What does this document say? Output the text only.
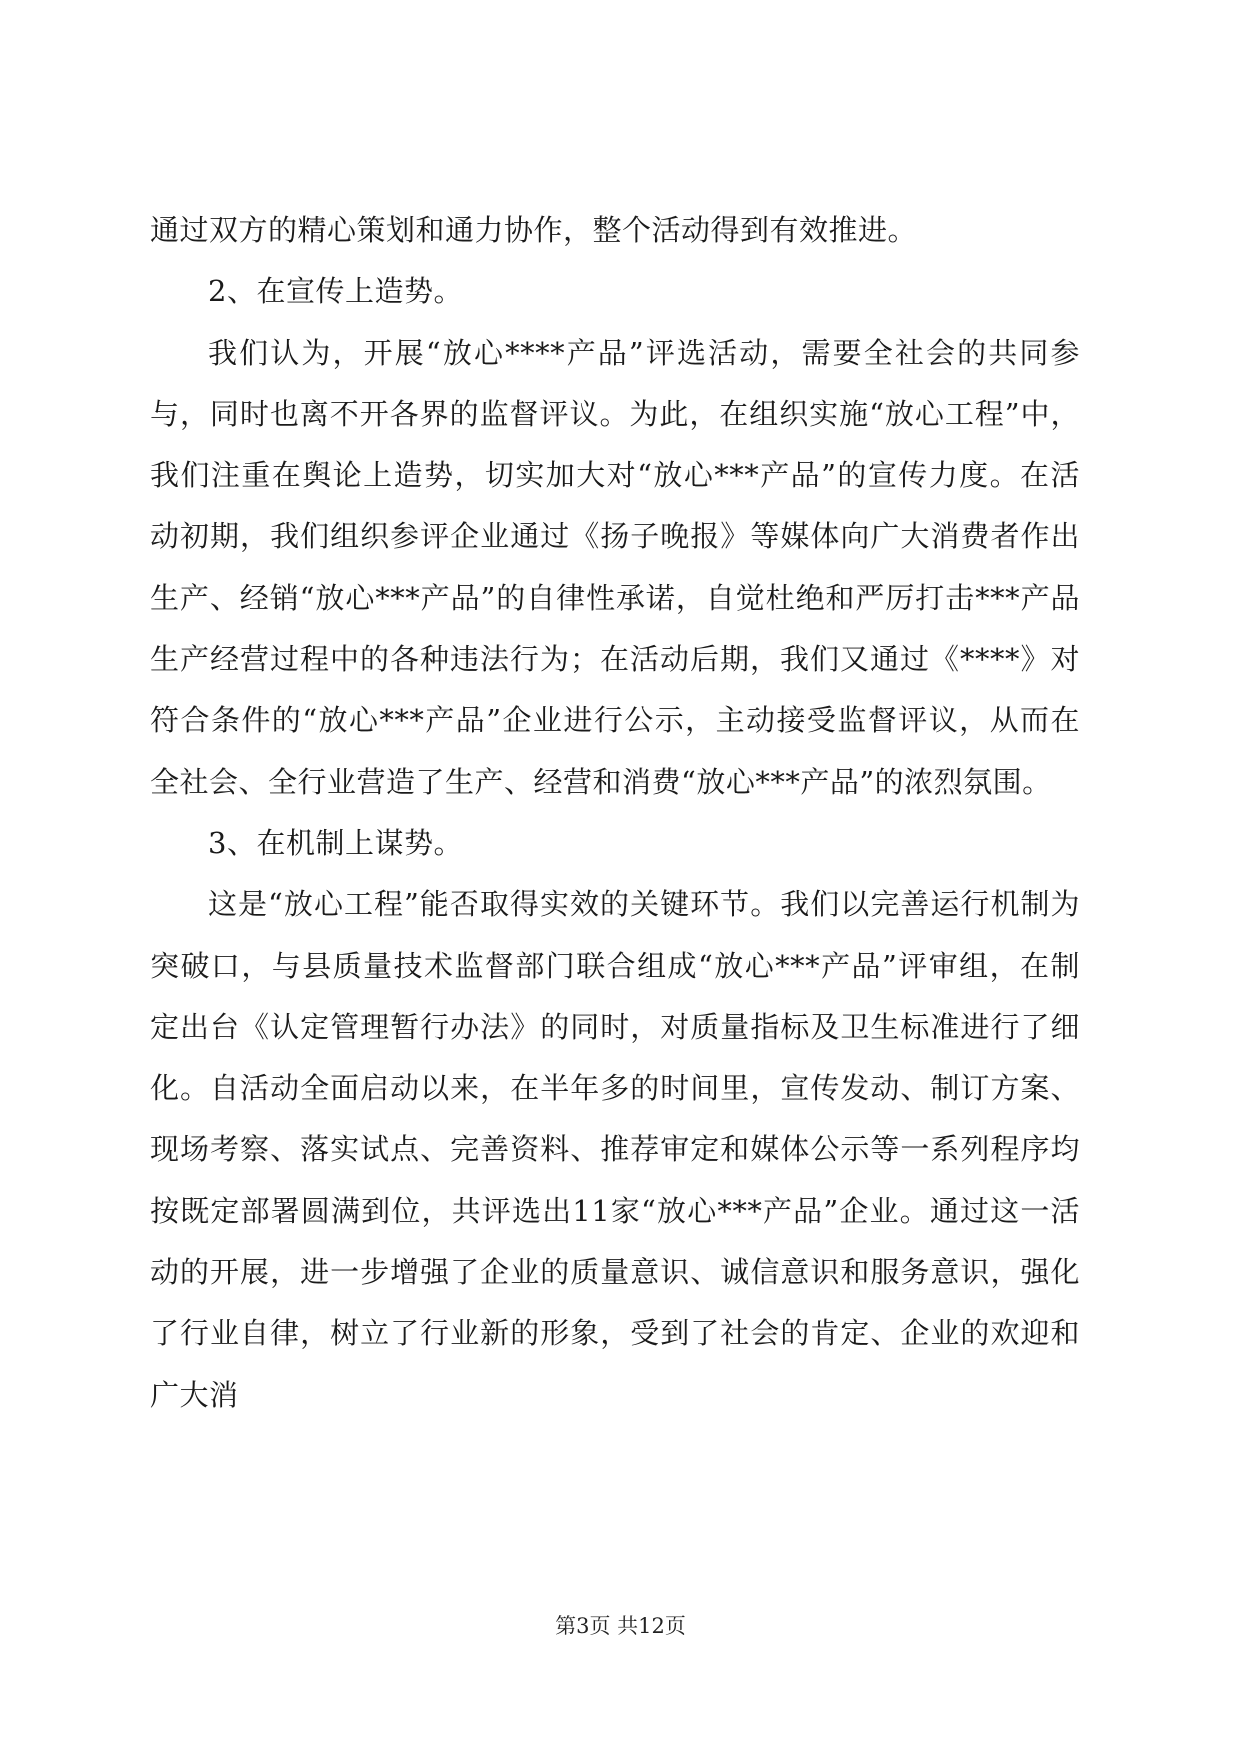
通过双方的精心策划和通力协作，整个活动得到有效推进。

2、在宣传上造势。

我们认为，开展“放心****产品”评选活动，需要全社会的共同参与，同时也离不开各界的监督评议。为此，在组织实施“放心工程”中，我们注重在舆论上造势，切实加大对“放心***产品”的宣传力度。在活动初期，我们组织参评企业通过《扬子晚报》等媒体向广大消费者作出生产、经销“放心***产品”的自律性承诺，自觉杜绝和严厉打击***产品生产经营过程中的各种违法行为；在活动后期，我们又通过《****》对符合条件的“放心***产品”企业进行公示，主动接受监督评议，从而在全社会、全行业营造了生产、经营和消费“放心***产品”的浓烈氛围。

3、在机制上谋势。

这是“放心工程”能否取得实效的关键环节。我们以完善运行机制为突破口，与县质量技术监督部门联合组成“放心***产品”评审组，在制定出台《认定管理暂行办法》的同时，对质量指标及卫生标准进行了细化。自活动全面启动以来，在半年多的时间里，宣传发动、制订方案、现场考察、落实试点、完善资料、推荐审定和媒体公示等一系列程序均按既定部署圆满到位，共评选出11家“放心***产品”企业。通过这一活动的开展，进一步增强了企业的质量意识、诚信意识和服务意识，强化了行业自律，树立了行业新的形象，受到了社会的肯定、企业的欢迎和广大消

第3页 共12页
